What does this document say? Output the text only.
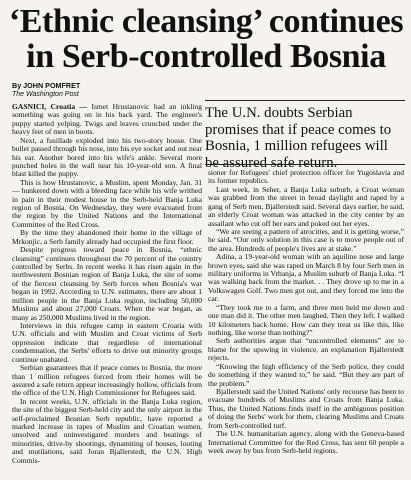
‘Ethnic cleansing’ continues
in Serb-controlled Bosnia
By JOHN POMFRET
The Washington Post
The U.N. doubts Serbian promises that if peace comes to Bosnia, 1 million refugees will be assured safe return.

GASNICI, Croatia — Ismet Hrustanovic had an inkling something was going on in his back yard. The engineer's puppy started yelping. Twigs and leaves crunched under the heavy feet of men in boots.

Next, a fusillade exploded into his two-story house. One bullet passed through his nose, into his eye socket and out near his ear. Another bored into his wife's ankle. Several more punched holes in the wall near his 10-year-old son. A final blast killed the puppy.

This is how Hrustanovic, a Muslim, spent Monday, Jan. 31 — hunkered down with a bleeding face while his wife writhed in pain in their modest house in the Serb-held Banja Luka region of Bosnia. On Wednesday, they were evacuated from the region by the United Nations and the International Committee of the Red Cross.

By the time they abandoned their home in the village of Mrkonjic, a Serb family already had occupied the first floor.

Despite progress toward peace in Bosnia, “ethnic cleansing” continues throughout the 70 percent of the country controlled by Serbs. In recent weeks it has risen again in the northwestern Bosnian region of Banja Luka, the site of some of the fiercest cleansing by Serb forces when Bosnia's war began in 1992. According to U.N. estimates, there are about 1 million people in the Banja Luka region, including 50,000 Muslims and about 27,000 Croats. When the war began, as many as 250,000 Muslims lived in the region.

Interviews in this refugee camp in eastern Croatia with U.N. officials and with Muslim and Croat victims of Serb oppression indicate that regardless of international condemnation, the Serbs' efforts to drive out minority groups continue unabated.

Serbian guarantees that if peace comes to Bosnia, the more than 1 million refugees forced from their homes will be assured a safe return appear increasingly hollow, officials from the office of the U.N. High Commissioner for Refugees said.

In recent weeks, U.N. officials in the Banja Luka region, the site of the biggest Serb-held city and the only airport in the self-proclaimed Bosnian Serb republic, have reported a marked increase in rapes of Muslim and Croatian women, unsolved and uninvestigated murders and beatings of minorities, drive-by shootings, dynamiting of houses, looting and mutilations, said Joran Bjallerstedt, the U.N. High Commis-

sioner for Refugees' chief protection officer for Yugoslavia and its former republics.

Last week, in Seher, a Banja Luka suburb, a Croat woman was grabbed from the street in broad daylight and raped by a gang of Serb men, Bjallerstedt said. Several days earlier, he said, an elderly Croat woman was attacked in the city center by an assailant who cut off her ears and poked out her eyes.

“We are seeing a pattern of atrocities, and it is getting worse,” he said. “Our only solution in this case is to move people out of the area. Hundreds of people's lives are at stake.”

Adina, a 19-year-old woman with an aquiline nose and large brown eyes, said she was raped on March 8 by four Serb men in military uniforms in Vrbanja, a Muslim suburb of Banja Luka. “I was walking back from the market. . . They drove up to me in a Volkswagen Golf. Two men got out, and they forced me into the car.

“They took me to a farm, and three men held me down and one man did it. The other men laughed. Then they left. I walked 10 kilometers back home. How can they treat us like this, like nothing, like worse than nothing?”

Serb authorities argue that “uncontrolled elements” are to blame for the upswing in violence, an explanation Bjallerstedt rejects.

“Knowing the high efficiency of the Serb police, they could do something if they wanted to,” he said. “But they are part of the problem.”

Bjallerstedt said the United Nations' only recourse has been to evacuate hundreds of Muslims and Croats from Banja Luka. Thus, the United Nations finds itself in the ambiguous position of doing the Serbs' work for them, clearing Muslims and Croats from Serb-controlled turf.

The U.N. humanitarian agency, along with the Geneva-based International Committee for the Red Cross, has sent 60 people a week away by bus from Serb-held regions.
